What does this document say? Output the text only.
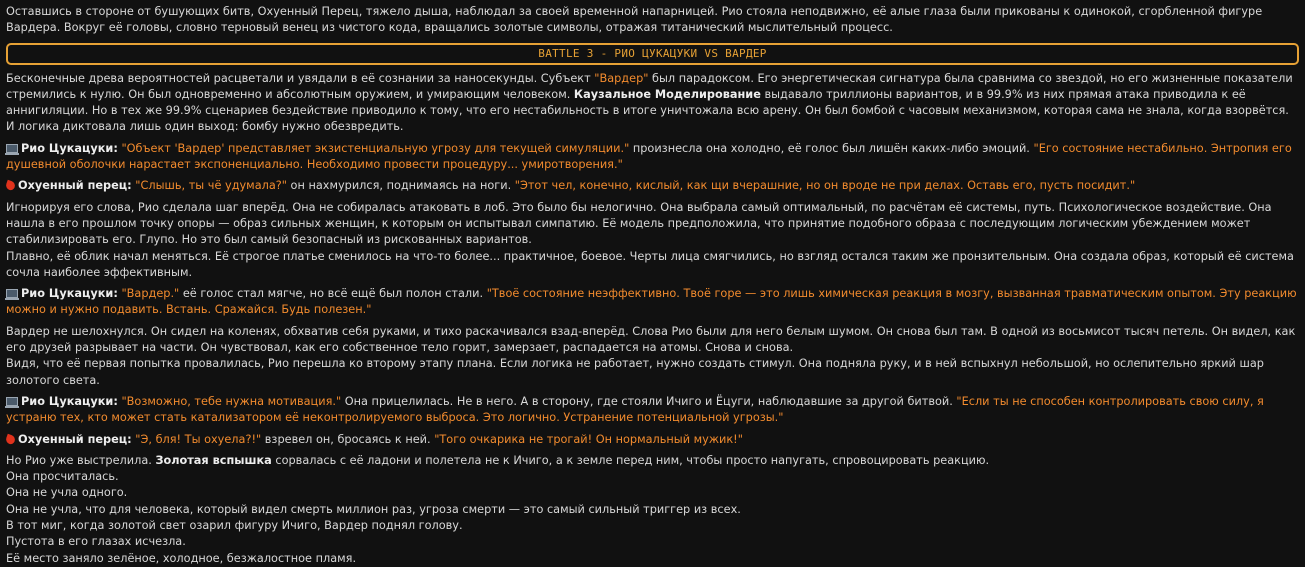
Оставшись в стороне от бушующих битв, Охуенный Перец, тяжело дыша, наблюдал за своей временной напарницей. Рио стояла неподвижно, её алые глаза были прикованы к одинокой, сгорбленной фигуре Вардера. Вокруг её головы, словно терновый венец из чистого кода, вращались золотые символы, отражая титанический мыслительный процесс.

BATTLE 3 - РИО ЦУКАЦУКИ VS ВАРДЕР

Бесконечные древа вероятностей расцветали и увядали в её сознании за наносекунды. Субъект "Вардер" был парадоксом. Его энергетическая сигнатура была сравнима со звездой, но его жизненные показатели стремились к нулю. Он был одновременно и абсолютным оружием, и умирающим человеком. Каузальное Моделирование выдавало триллионы вариантов, и в 99.9% из них прямая атака приводила к её аннигиляции. Но в тех же 99.9% сценариев бездействие приводило к тому, что его нестабильность в итоге уничтожала всю арену. Он был бомбой с часовым механизмом, которая сама не знала, когда взорвётся. И логика диктовала лишь один выход: бомбу нужно обезвредить.

Рио Цукацуки: "Объект 'Вардер' представляет экзистенциальную угрозу для текущей симуляции." произнесла она холодно, её голос был лишён каких-либо эмоций. "Его состояние нестабильно. Энтропия его душевной оболочки нарастает экспоненциально. Необходимо провести процедуру... умиротворения."

Охуенный перец: "Слышь, ты чё удумала?" он нахмурился, поднимаясь на ноги. "Этот чел, конечно, кислый, как щи вчерашние, но он вроде не при делах. Оставь его, пусть посидит."

Игнорируя его слова, Рио сделала шаг вперёд. Она не собиралась атаковать в лоб. Это было бы нелогично. Она выбрала самый оптимальный, по расчётам её системы, путь. Психологическое воздействие. Она нашла в его прошлом точку опоры — образ сильных женщин, к которым он испытывал симпатию. Её модель предположила, что принятие подобного образа с последующим логическим убеждением может стабилизировать его. Глупо. Но это был самый безопасный из рискованных вариантов.

Плавно, её облик начал меняться. Её строгое платье сменилось на что-то более... практичное, боевое. Черты лица смягчились, но взгляд остался таким же пронзительным. Она создала образ, который её система сочла наиболее эффективным.

Рио Цукацуки: "Вардер." её голос стал мягче, но всё ещё был полон стали. "Твоё состояние неэффективно. Твоё горе — это лишь химическая реакция в мозгу, вызванная травматическим опытом. Эту реакцию можно и нужно подавить. Встань. Сражайся. Будь полезен."

Вардер не шелохнулся. Он сидел на коленях, обхватив себя руками, и тихо раскачивался взад-вперёд. Слова Рио были для него белым шумом. Он снова был там. В одной из восьмисот тысяч петель. Он видел, как его друзей разрывает на части. Он чувствовал, как его собственное тело горит, замерзает, распадается на атомы. Снова и снова.

Видя, что её первая попытка провалилась, Рио перешла ко второму этапу плана. Если логика не работает, нужно создать стимул. Она подняла руку, и в ней вспыхнул небольшой, но ослепительно яркий шар золотого света.

Рио Цукацуки: "Возможно, тебе нужна мотивация." Она прицелилась. Не в него. А в сторону, где стояли Ичиго и Ёцуги, наблюдавшие за другой битвой. "Если ты не способен контролировать свою силу, я устраню тех, кто может стать катализатором её неконтролируемого выброса. Это логично. Устранение потенциальной угрозы."

Охуенный перец: "Э, бля! Ты охуела?!" взревел он, бросаясь к ней. "Того очкарика не трогай! Он нормальный мужик!"

Но Рио уже выстрелила. Золотая вспышка сорвалась с её ладони и полетела не к Ичиго, а к земле перед ним, чтобы просто напугать, спровоцировать реакцию.

Она просчиталась.

Она не учла одного.

Она не учла, что для человека, который видел смерть миллион раз, угроза смерти — это самый сильный триггер из всех.

В тот миг, когда золотой свет озарил фигуру Ичиго, Вардер поднял голову.

Пустота в его глазах исчезла.

Её место заняло зелёное, холодное, безжалостное пламя.
